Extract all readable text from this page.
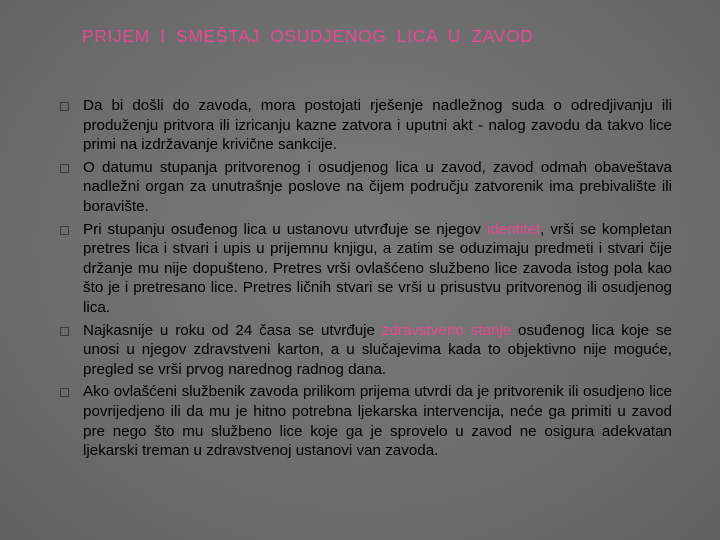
PRIJEM I SMEŠTAJ OSUDJENOG LICA U ZAVOD
Da bi došli do zavoda, mora postojati rješenje nadležnog suda o odredjivanju ili produženju pritvora ili izricanju kazne zatvora i uputni akt - nalog zavodu da takvo lice primi na izdržavanje krivične sankcije.
O datumu stupanja pritvorenog i osudjenog lica u zavod, zavod odmah obaveštava nadležni organ za unutrašnje poslove na čijem području zatvorenik ima prebivalište ili boravište.
Pri stupanju osuđenog lica u ustanovu utvrđuje se njegov identitet, vrši se kompletan pretres lica i stvari i upis u prijemnu knjigu, a zatim se oduzimaju predmeti i stvari čije držanje mu nije dopušteno. Pretres vrši ovlašćeno službeno lice zavoda istog pola kao što je i pretresano lice. Pretres ličnih stvari se vrši u prisustvu pritvorenog ili osudjenog lica.
Najkasnije u roku od 24 časa se utvrđuje zdravstveno stanje osuđenog lica koje se unosi u njegov zdravstveni karton, a u slučajevima kada to objektivno nije moguće, pregled se vrši prvog narednog radnog dana.
Ako ovlašćeni službenik zavoda prilikom prijema utvrdi da je pritvorenik ili osudjeno lice povrijedjeno ili da mu je hitno potrebna ljekarska intervencija, neće ga primiti u zavod pre nego što mu službeno lice koje ga je sprovelo u zavod ne osigura adekvatan ljekarski treman u zdravstvenoj ustanovi van zavoda.
